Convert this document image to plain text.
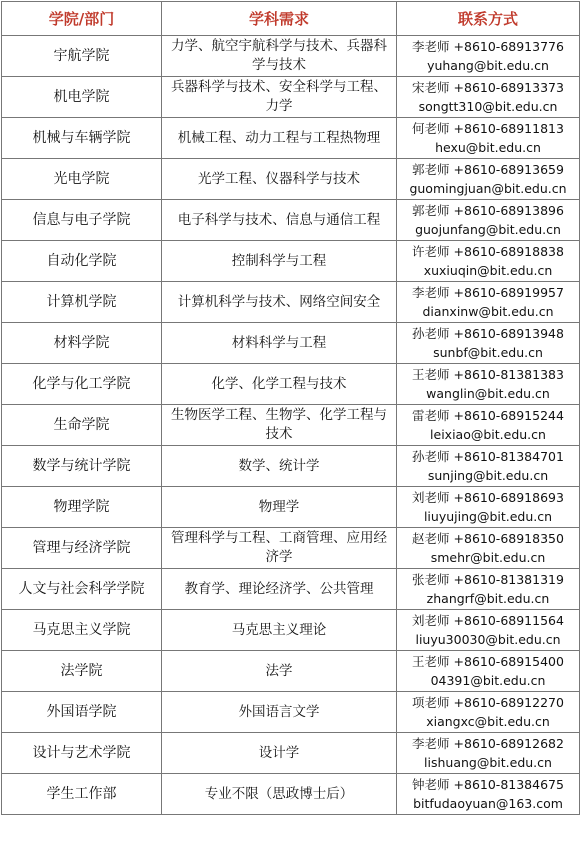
学院/部门	学科需求	联系方式
宇航学院	力学、航空宇航科学与技术、兵器科学与技术	李老师 +8610-68913776
yuhang@bit.edu.cn

机电学院	兵器科学与技术、安全科学与工程、力学	宋老师 +8610-68913373
songtt310@bit.edu.cn

机械与车辆学院	机械工程、动力工程与工程热物理	何老师 +8610-68911813
hexu@bit.edu.cn

光电学院	光学工程、仪器科学与技术	郭老师 +8610-68913659
guomingjuan@bit.edu.cn

信息与电子学院	电子科学与技术、信息与通信工程	郭老师 +8610-68913896
guojunfang@bit.edu.cn

自动化学院	控制科学与工程	许老师 +8610-68918838
xuxiuqin@bit.edu.cn

计算机学院	计算机科学与技术、网络空间安全	李老师 +8610-68919957
dianxinw@bit.edu.cn

材料学院	材料科学与工程	孙老师 +8610-68913948
sunbf@bit.edu.cn

化学与化工学院	化学、化学工程与技术	王老师 +8610-81381383
wanglin@bit.edu.cn

生命学院	生物医学工程、生物学、化学工程与技术	雷老师 +8610-68915244
leixiao@bit.edu.cn

数学与统计学院	数学、统计学	孙老师 +8610-81384701
sunjing@bit.edu.cn

物理学院	物理学	刘老师 +8610-68918693
liuyujing@bit.edu.cn

管理与经济学院	管理科学与工程、工商管理、应用经济学	赵老师 +8610-68918350
smehr@bit.edu.cn

人文与社会科学学院	教育学、理论经济学、公共管理	张老师 +8610-81381319
zhangrf@bit.edu.cn

马克思主义学院	马克思主义理论	刘老师 +8610-68911564
liuyu30030@bit.edu.cn

法学院	法学	王老师 +8610-68915400
04391@bit.edu.cn

外国语学院	外国语言文学	项老师 +8610-68912270
xiangxc@bit.edu.cn

设计与艺术学院	设计学	李老师 +8610-68912682
lishuang@bit.edu.cn

学生工作部	专业不限（思政博士后）	钟老师 +8610-81384675
bitfudaoyuan@163.com
